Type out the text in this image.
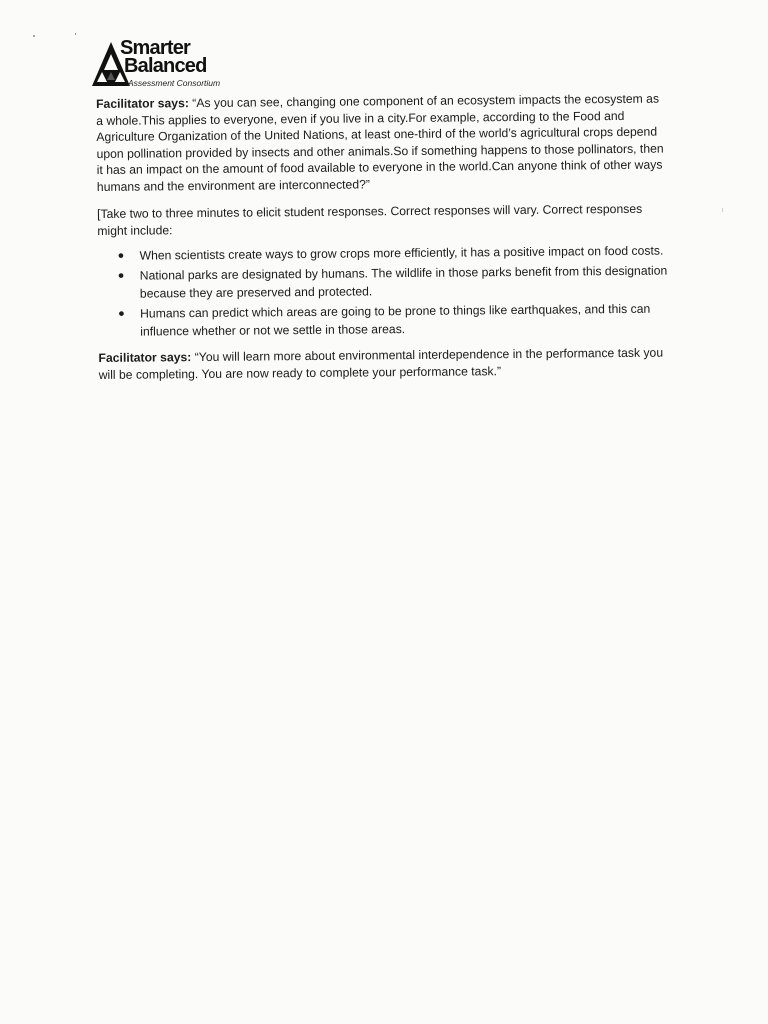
Smarter
Balanced
Assessment Consortium

Facilitator says: “As you can see, changing one component of an ecosystem impacts the ecosystem as a whole.This applies to everyone, even if you live in a city.For example, according to the Food and Agriculture Organization of the United Nations, at least one-third of the world’s agricultural crops depend upon pollination provided by insects and other animals.So if something happens to those pollinators, then it has an impact on the amount of food available to everyone in the world.Can anyone think of other ways humans and the environment are interconnected?”

[Take two to three minutes to elicit student responses. Correct responses will vary. Correct responses might include:

● When scientists create ways to grow crops more efficiently, it has a positive impact on food costs.
● National parks are designated by humans. The wildlife in those parks benefit from this designation because they are preserved and protected.
● Humans can predict which areas are going to be prone to things like earthquakes, and this can influence whether or not we settle in those areas.

Facilitator says: “You will learn more about environmental interdependence in the performance task you will be completing. You are now ready to complete your performance task.”
